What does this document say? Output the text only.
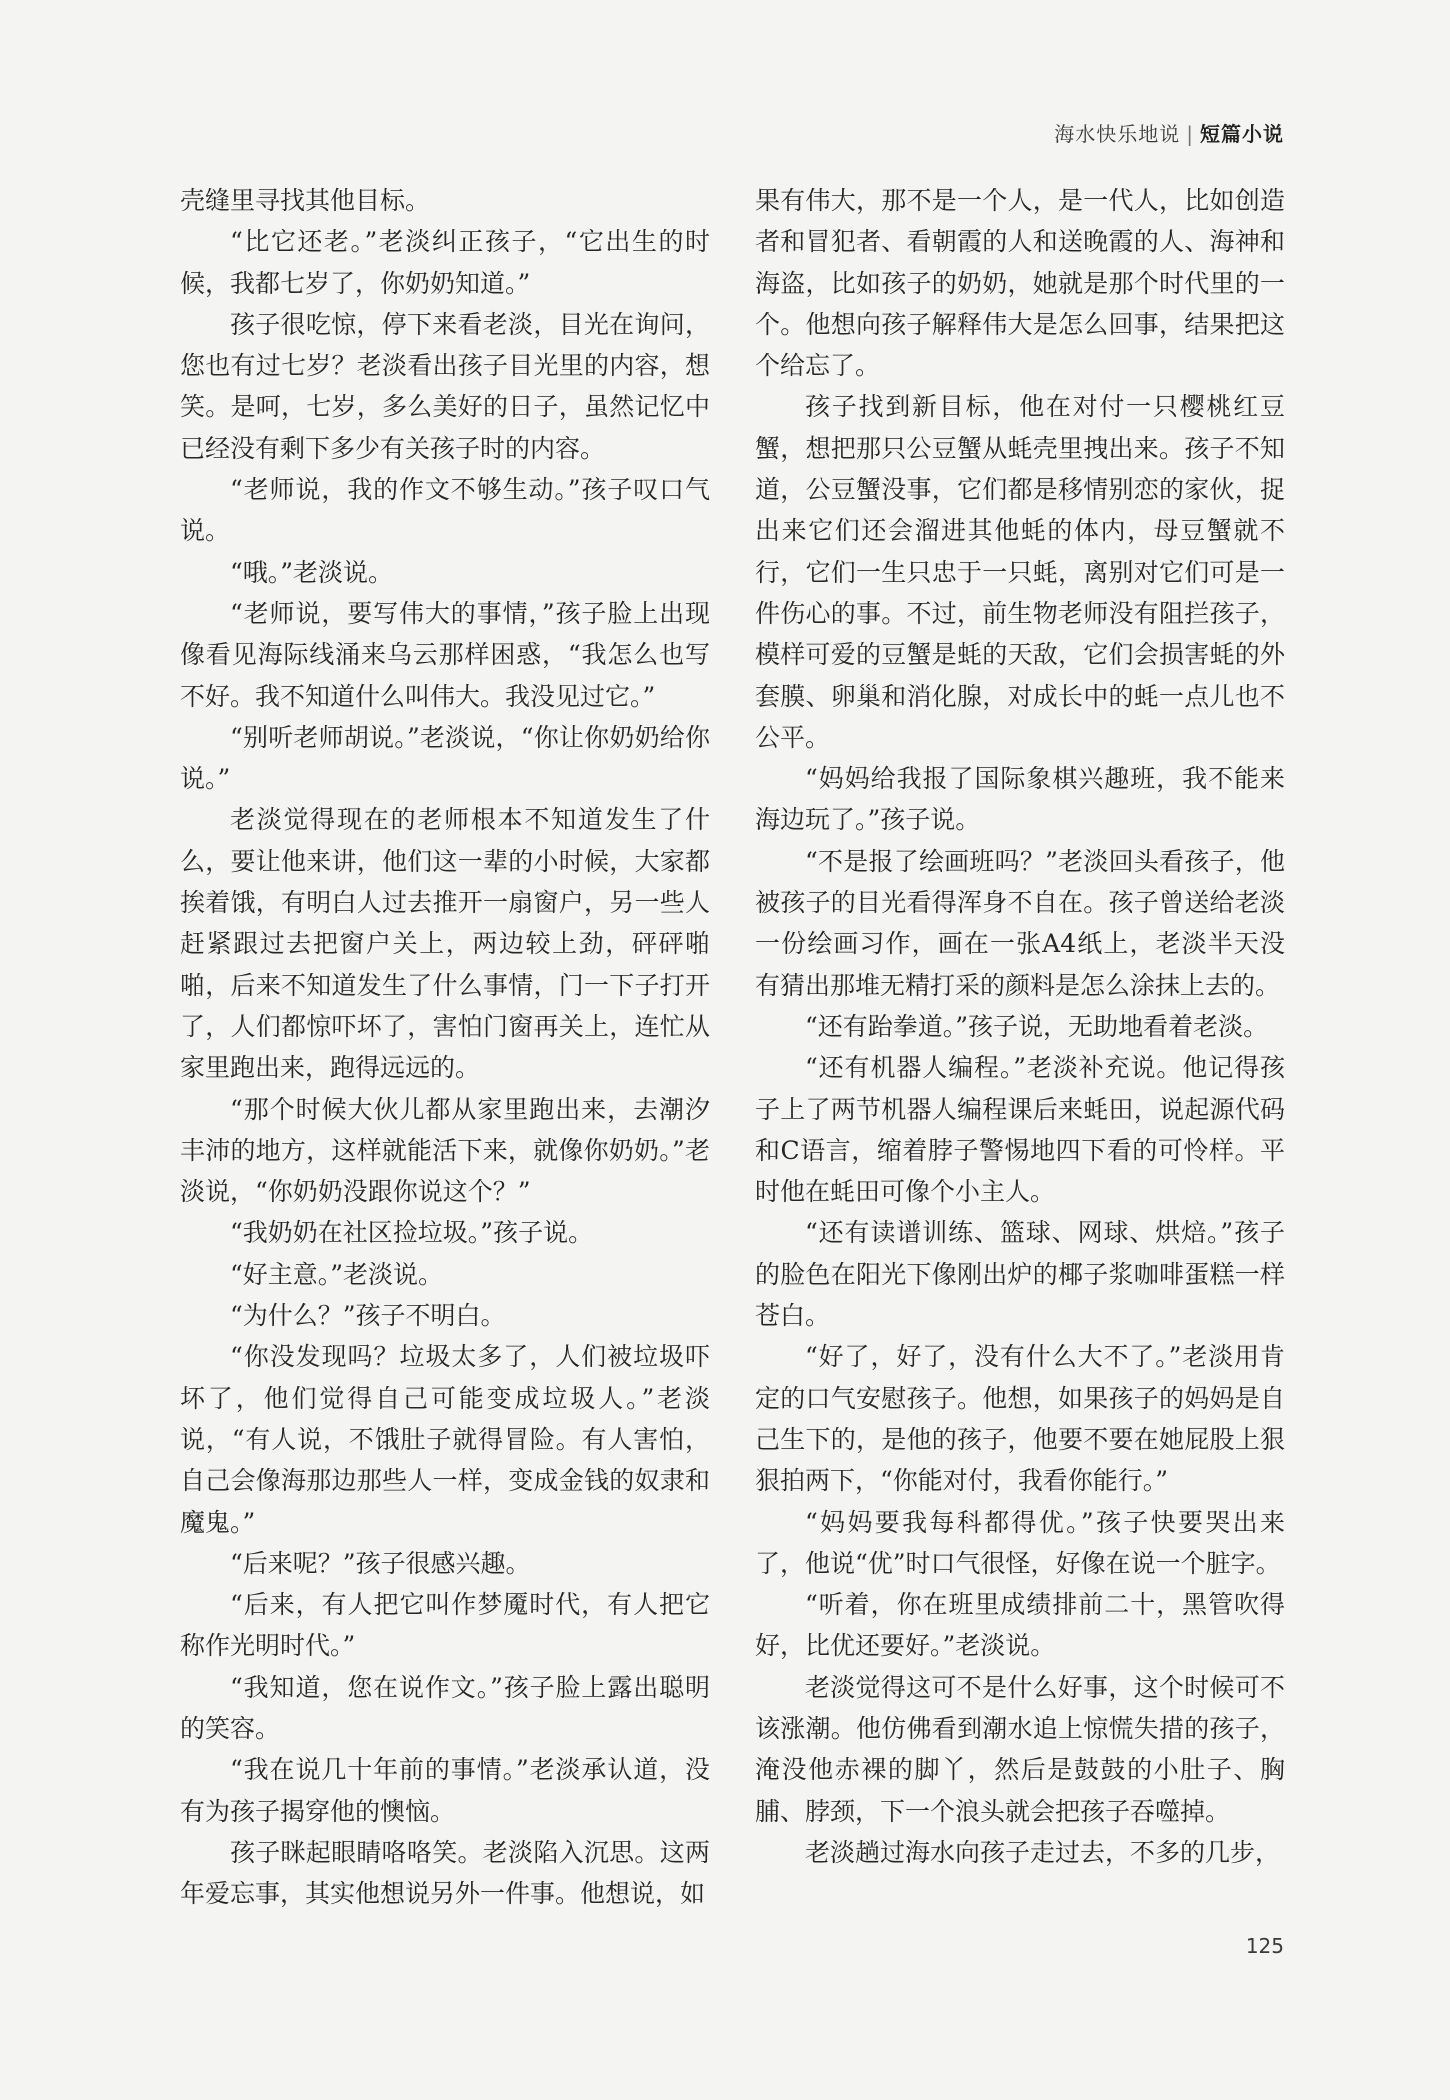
海水快乐地说 | 短篇小说

壳缝里寻找其他目标。

“比它还老。”老淡纠正孩子，“它出生的时候，我都七岁了，你奶奶知道。”

孩子很吃惊，停下来看老淡，目光在询问，您也有过七岁？老淡看出孩子目光里的内容，想笑。是呵，七岁，多么美好的日子，虽然记忆中已经没有剩下多少有关孩子时的内容。

“老师说，我的作文不够生动。”孩子叹口气说。

“哦。”老淡说。

“老师说，要写伟大的事情，”孩子脸上出现像看见海际线涌来乌云那样困惑，“我怎么也写不好。我不知道什么叫伟大。我没见过它。”

“别听老师胡说。”老淡说，“你让你奶奶给你说。”

老淡觉得现在的老师根本不知道发生了什么，要让他来讲，他们这一辈的小时候，大家都挨着饿，有明白人过去推开一扇窗户，另一些人赶紧跟过去把窗户关上，两边较上劲，砰砰啪啪，后来不知道发生了什么事情，门一下子打开了，人们都惊吓坏了，害怕门窗再关上，连忙从家里跑出来，跑得远远的。

“那个时候大伙儿都从家里跑出来，去潮汐丰沛的地方，这样就能活下来，就像你奶奶。”老淡说，“你奶奶没跟你说这个？”

“我奶奶在社区捡垃圾。”孩子说。

“好主意。”老淡说。

“为什么？”孩子不明白。

“你没发现吗？垃圾太多了，人们被垃圾吓坏了，他们觉得自己可能变成垃圾人。”老淡说，“有人说，不饿肚子就得冒险。有人害怕，自己会像海那边那些人一样，变成金钱的奴隶和魔鬼。”

“后来呢？”孩子很感兴趣。

“后来，有人把它叫作梦魇时代，有人把它称作光明时代。”

“我知道，您在说作文。”孩子脸上露出聪明的笑容。

“我在说几十年前的事情。”老淡承认道，没有为孩子揭穿他的懊恼。

孩子眯起眼睛咯咯笑。老淡陷入沉思。这两年爱忘事，其实他想说另外一件事。他想说，如

果有伟大，那不是一个人，是一代人，比如创造者和冒犯者、看朝霞的人和送晚霞的人、海神和海盗，比如孩子的奶奶，她就是那个时代里的一个。他想向孩子解释伟大是怎么回事，结果把这个给忘了。

孩子找到新目标，他在对付一只樱桃红豆蟹，想把那只公豆蟹从蚝壳里拽出来。孩子不知道，公豆蟹没事，它们都是移情别恋的家伙，捉出来它们还会溜进其他蚝的体内，母豆蟹就不行，它们一生只忠于一只蚝，离别对它们可是一件伤心的事。不过，前生物老师没有阻拦孩子，模样可爱的豆蟹是蚝的天敌，它们会损害蚝的外套膜、卵巢和消化腺，对成长中的蚝一点儿也不公平。

“妈妈给我报了国际象棋兴趣班，我不能来海边玩了。”孩子说。

“不是报了绘画班吗？”老淡回头看孩子，他被孩子的目光看得浑身不自在。孩子曾送给老淡一份绘画习作，画在一张A4纸上，老淡半天没有猜出那堆无精打采的颜料是怎么涂抹上去的。

“还有跆拳道。”孩子说，无助地看着老淡。

“还有机器人编程。”老淡补充说。他记得孩子上了两节机器人编程课后来蚝田，说起源代码和C语言，缩着脖子警惕地四下看的可怜样。平时他在蚝田可像个小主人。

“还有读谱训练、篮球、网球、烘焙。”孩子的脸色在阳光下像刚出炉的椰子浆咖啡蛋糕一样苍白。

“好了，好了，没有什么大不了。”老淡用肯定的口气安慰孩子。他想，如果孩子的妈妈是自己生下的，是他的孩子，他要不要在她屁股上狠狠拍两下，“你能对付，我看你能行。”

“妈妈要我每科都得优。”孩子快要哭出来了，他说“优”时口气很怪，好像在说一个脏字。

“听着，你在班里成绩排前二十，黑管吹得好，比优还要好。”老淡说。

老淡觉得这可不是什么好事，这个时候可不该涨潮。他仿佛看到潮水追上惊慌失措的孩子，淹没他赤裸的脚丫，然后是鼓鼓的小肚子、胸脯、脖颈，下一个浪头就会把孩子吞噬掉。

老淡趟过海水向孩子走过去，不多的几步，

125
